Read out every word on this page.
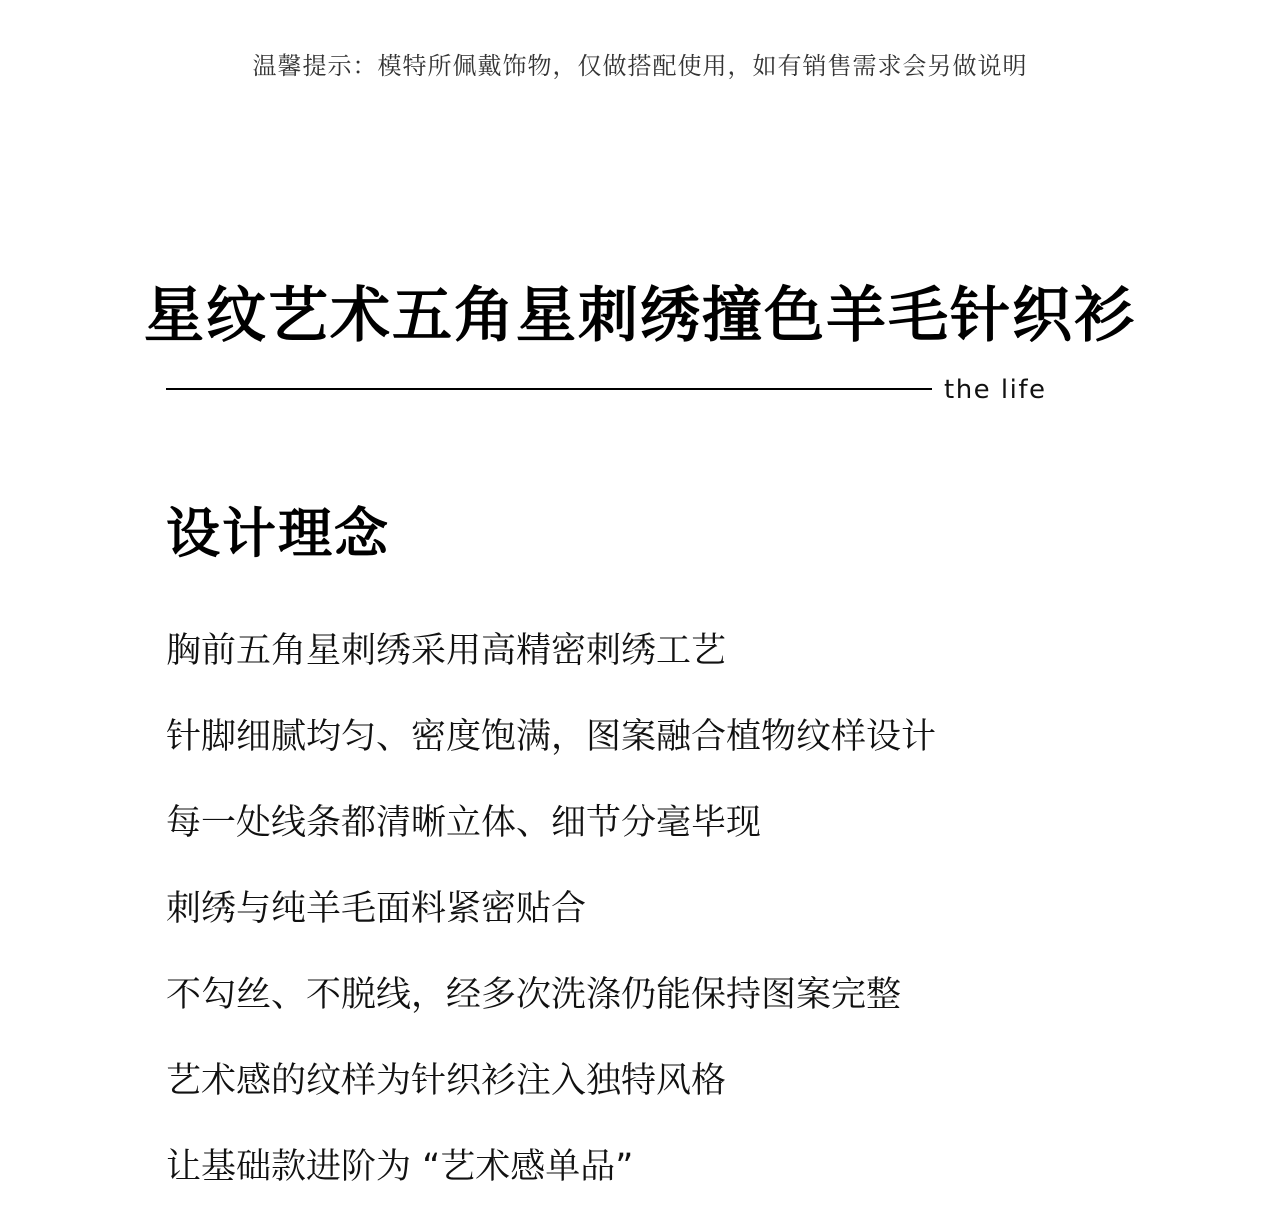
温馨提示：模特所佩戴饰物，仅做搭配使用，如有销售需求会另做说明
星纹艺术五角星刺绣撞色羊毛针织衫
the life
设计理念
胸前五角星刺绣采用高精密刺绣工艺
针脚细腻均匀、密度饱满，图案融合植物纹样设计
每一处线条都清晰立体、细节分毫毕现
刺绣与纯羊毛面料紧密贴合
不勾丝、不脱线，经多次洗涤仍能保持图案完整
艺术感的纹样为针织衫注入独特风格
让基础款进阶为 “艺术感单品”
